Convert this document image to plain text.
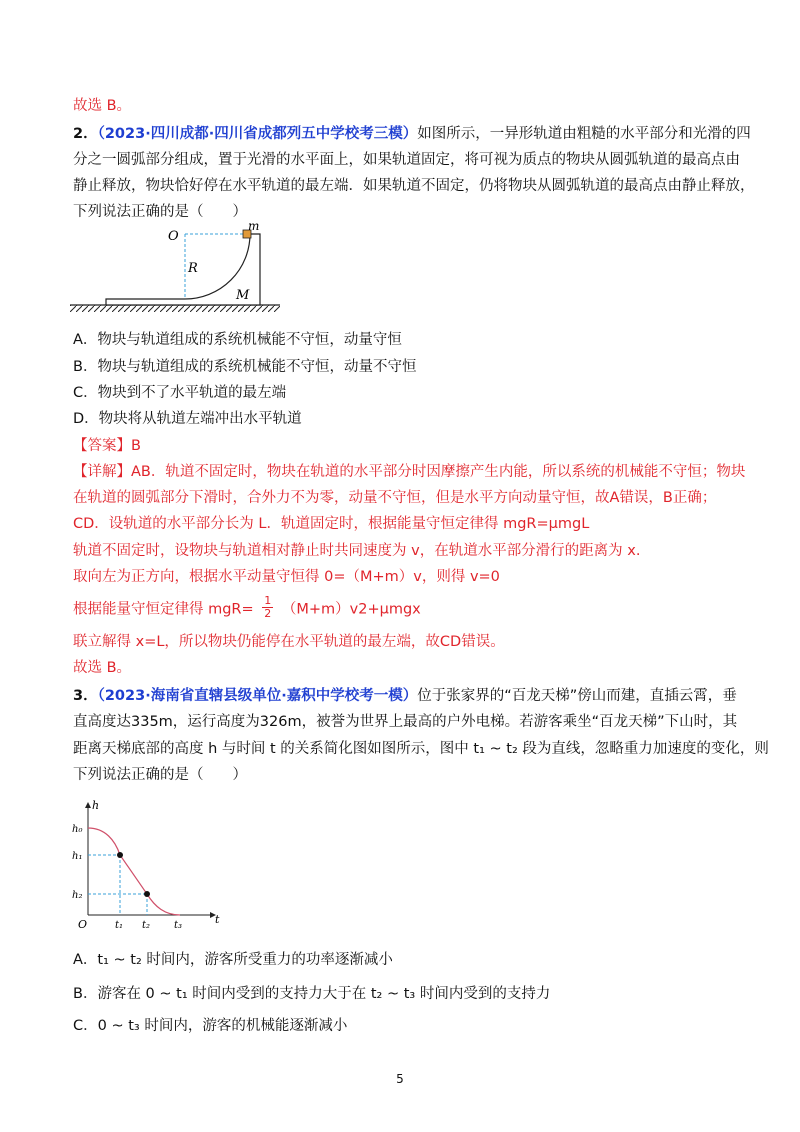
故选 B。
2．（2023·四川成都·四川省成都列五中学校考三模）如图所示，一异形轨道由粗糙的水平部分和光滑的四
分之一圆弧部分组成，置于光滑的水平面上，如果轨道固定，将可视为质点的物块从圆弧轨道的最高点由
静止释放，物块恰好停在水平轨道的最左端．如果轨道不固定，仍将物块从圆弧轨道的最高点由静止释放，
下列说法正确的是（　　）
O
R
m
M
A．物块与轨道组成的系统机械能不守恒，动量守恒
B．物块与轨道组成的系统机械能不守恒，动量不守恒
C．物块到不了水平轨道的最左端
D．物块将从轨道左端冲出水平轨道
【答案】B
【详解】AB．轨道不固定时，物块在轨道的水平部分时因摩擦产生内能，所以系统的机械能不守恒；物块
在轨道的圆弧部分下滑时，合外力不为零，动量不守恒，但是水平方向动量守恒，故A错误，B正确；
CD．设轨道的水平部分长为 L．轨道固定时，根据能量守恒定律得 mgR=μmgL
轨道不固定时，设物块与轨道相对静止时共同速度为 v，在轨道水平部分滑行的距离为 x.
取向左为正方向，根据水平动量守恒得 0=（M+m）v，则得 v=0
根据能量守恒定律得 $mgR= \frac{1}{2} (M+m)v2+\mu mgx$
联立解得 x=L，所以物块仍能停在水平轨道的最左端，故CD错误。
故选 B。
3．（2023·海南省直辖县级单位·嘉积中学校考一模）位于张家界的“百龙天梯”傍山而建，直插云霄，垂
直高度达335m，运行高度为326m，被誉为世界上最高的户外电梯。若游客乘坐“百龙天梯”下山时，其
距离天梯底部的高度 h 与时间 t 的关系简化图如图所示，图中 t₁ ~ t₂ 段为直线，忽略重力加速度的变化，则
下列说法正确的是（　　）
h
t
O
h₀
h₁
h₂
t₁ t₂ t₃
A．t₁ ~ t₂ 时间内，游客所受重力的功率逐渐减小
B．游客在 0 ~ t₁ 时间内受到的支持力大于在 t₂ ~ t₃ 时间内受到的支持力
C．0 ~ t₃ 时间内，游客的机械能逐渐减小
5
